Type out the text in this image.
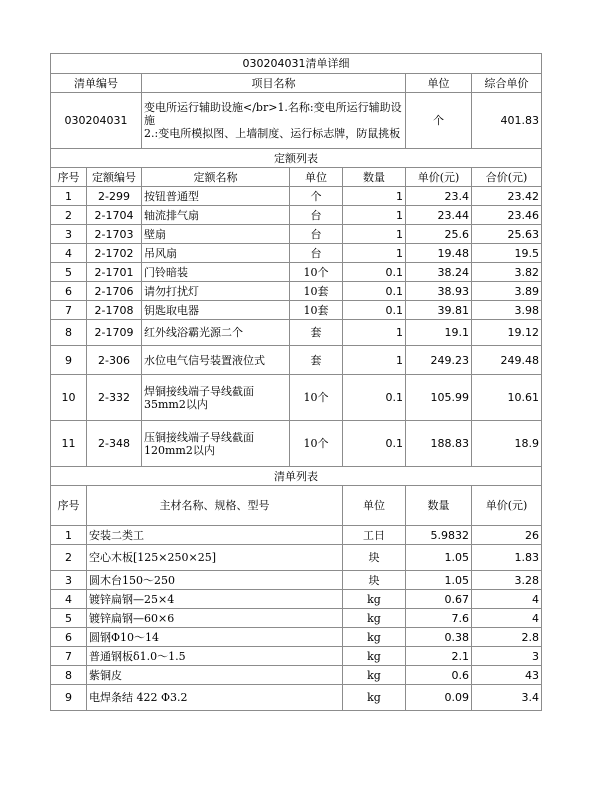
030204031清单详细							
清单编号		项目名称			单位	综合单价	
030204031		变电所运行辅助设施</br>1.名称:变电所运行辅助设施
2.:变电所模拟图、上墙制度、运行标志牌，防鼠挑板			个	401.83	
定额列表							
序号	定额编号	定额名称	单位	数量	单价(元)	合价(元)	
1	2-299	按钮普通型	个	1	23.4	23.42	
2	2-1704	轴流排气扇	台	1	23.44	23.46	
3	2-1703	壁扇	台	1	25.6	25.63	
4	2-1702	吊风扇	台	1	19.48	19.5	
5	2-1701	门铃暗装	10个	0.1	38.24	3.82	
6	2-1706	请勿打扰灯	10套	0.1	38.93	3.89	
7	2-1708	钥匙取电器	10套	0.1	39.81	3.98	
8	2-1709	红外线浴霸光源二个	套	1	19.1	19.12	
9	2-306	水位电气信号装置液位式	套	1	249.23	249.48	
10	2-332	焊铜接线端子导线截面35mm2以内	10个	0.1	105.99	10.61	
11	2-348	压铜接线端子导线截面120mm2以内	10个	0.1	188.83	18.9	
清单列表							
序号	主材名称、规格、型号			单位	数量	单价(元)	
1	安装二类工			工日	5.9832	26	
2	空心木板[125×250×25]			块	1.05	1.83	
3	圆木台150～250			块	1.05	3.28	
4	镀锌扁钢—25×4			kg	0.67	4	
5	镀锌扁钢—60×6			kg	7.6	4	
6	圆钢Φ10～14			kg	0.38	2.8	
7	普通钢板δ1.0～1.5			kg	2.1	3	
8	紫铜皮			kg	0.6	43	
9	电焊条结 422 Φ3.2			kg	0.09	3.4	
